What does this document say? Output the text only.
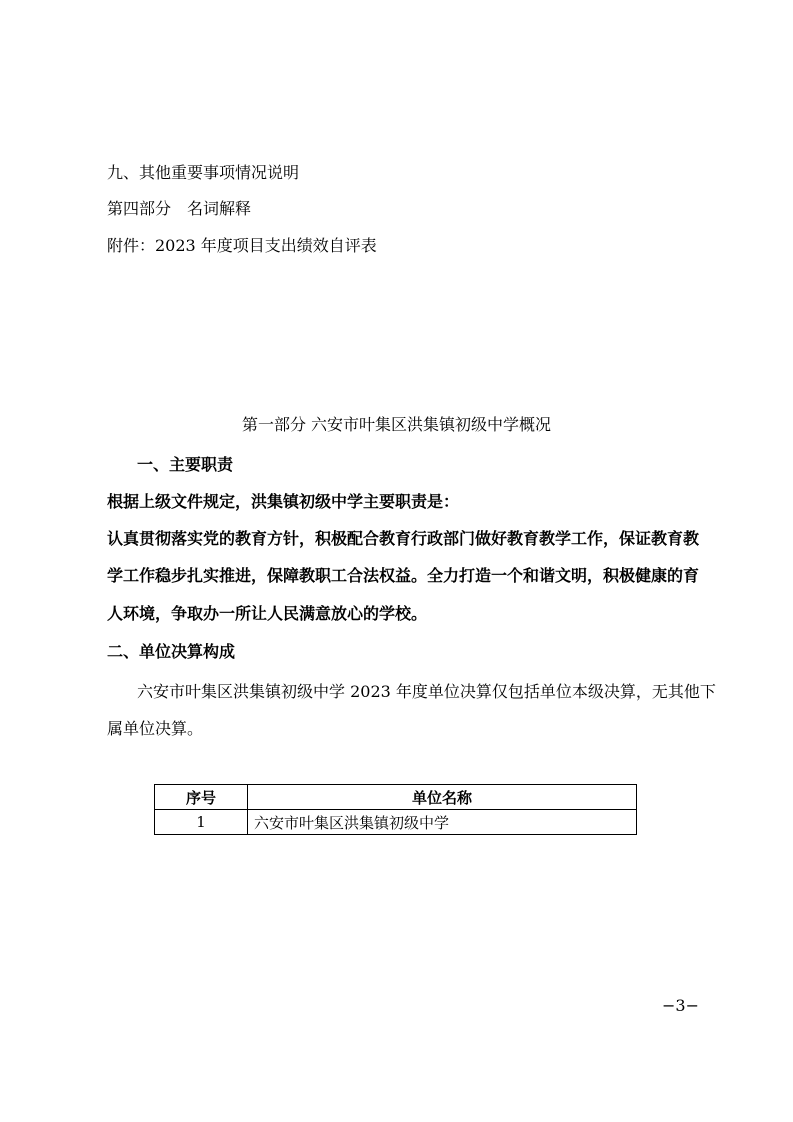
九、其他重要事项情况说明
第四部分　名词解释
附件：2023 年度项目支出绩效自评表
第一部分 六安市叶集区洪集镇初级中学概况
一、主要职责
根据上级文件规定，洪集镇初级中学主要职责是：
认真贯彻落实党的教育方针，积极配合教育行政部门做好教育教学工作，保证教育教
学工作稳步扎实推进，保障教职工合法权益。全力打造一个和谐文明，积极健康的育
人环境，争取办一所让人民满意放心的学校。
二、单位决算构成
六安市叶集区洪集镇初级中学 2023 年度单位决算仅包括单位本级决算，无其他下
属单位决算。
序号	单位名称
1	六安市叶集区洪集镇初级中学
−3−
